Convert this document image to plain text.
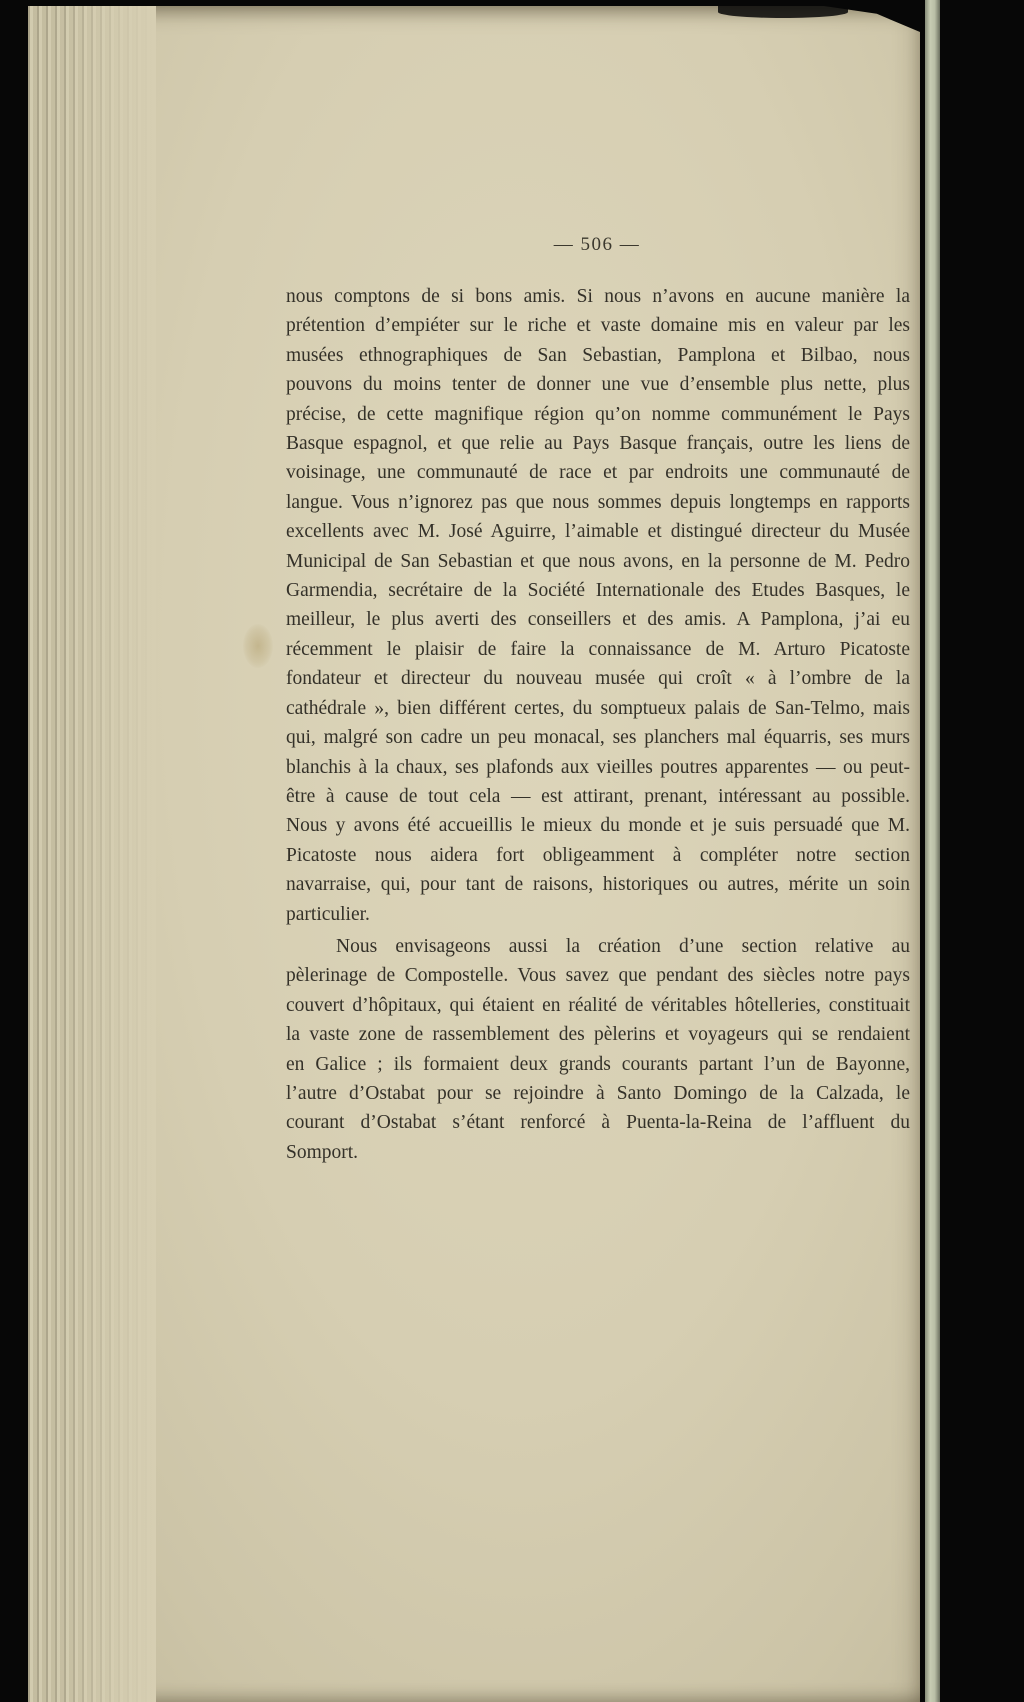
— 506 —

nous comptons de si bons amis. Si nous n’avons en aucune manière la prétention d’empiéter sur le riche et vaste domaine mis en valeur par les musées ethnographiques de San Sebastian, Pamplona et Bilbao, nous pouvons du moins tenter de donner une vue d’ensemble plus nette, plus précise, de cette magnifique région qu’on nomme communément le Pays Basque espagnol, et que relie au Pays Basque français, outre les liens de voisinage, une communauté de race et par endroits une communauté de langue. Vous n’ignorez pas que nous sommes depuis longtemps en rapports excellents avec M. José Aguirre, l’aimable et distingué directeur du Musée Municipal de San Sebastian et que nous avons, en la personne de M. Pedro Garmendia, secrétaire de la Société Internationale des Etudes Basques, le meilleur, le plus averti des conseillers et des amis. A Pamplona, j’ai eu récemment le plaisir de faire la connaissance de M. Arturo Picatoste fondateur et directeur du nouveau musée qui croît « à l’ombre de la cathédrale », bien différent certes, du somptueux palais de San-Telmo, mais qui, malgré son cadre un peu monacal, ses planchers mal équarris, ses murs blanchis à la chaux, ses plafonds aux vieilles poutres apparentes — ou peut-être à cause de tout cela — est attirant, prenant, intéressant au possible. Nous y avons été accueillis le mieux du monde et je suis persuadé que M. Picatoste nous aidera fort obligeamment à compléter notre section navarraise, qui, pour tant de raisons, historiques ou autres, mérite un soin particulier.

Nous envisageons aussi la création d’une section relative au pèlerinage de Compostelle. Vous savez que pendant des siècles notre pays couvert d’hôpitaux, qui étaient en réalité de véritables hôtelleries, constituait la vaste zone de rassemblement des pèlerins et voyageurs qui se rendaient en Galice ; ils formaient deux grands courants partant l’un de Bayonne, l’autre d’Ostabat pour se rejoindre à Santo Domingo de la Calzada, le courant d’Ostabat s’étant renforcé à Puenta-la-Reina de l’affluent du Somport.
